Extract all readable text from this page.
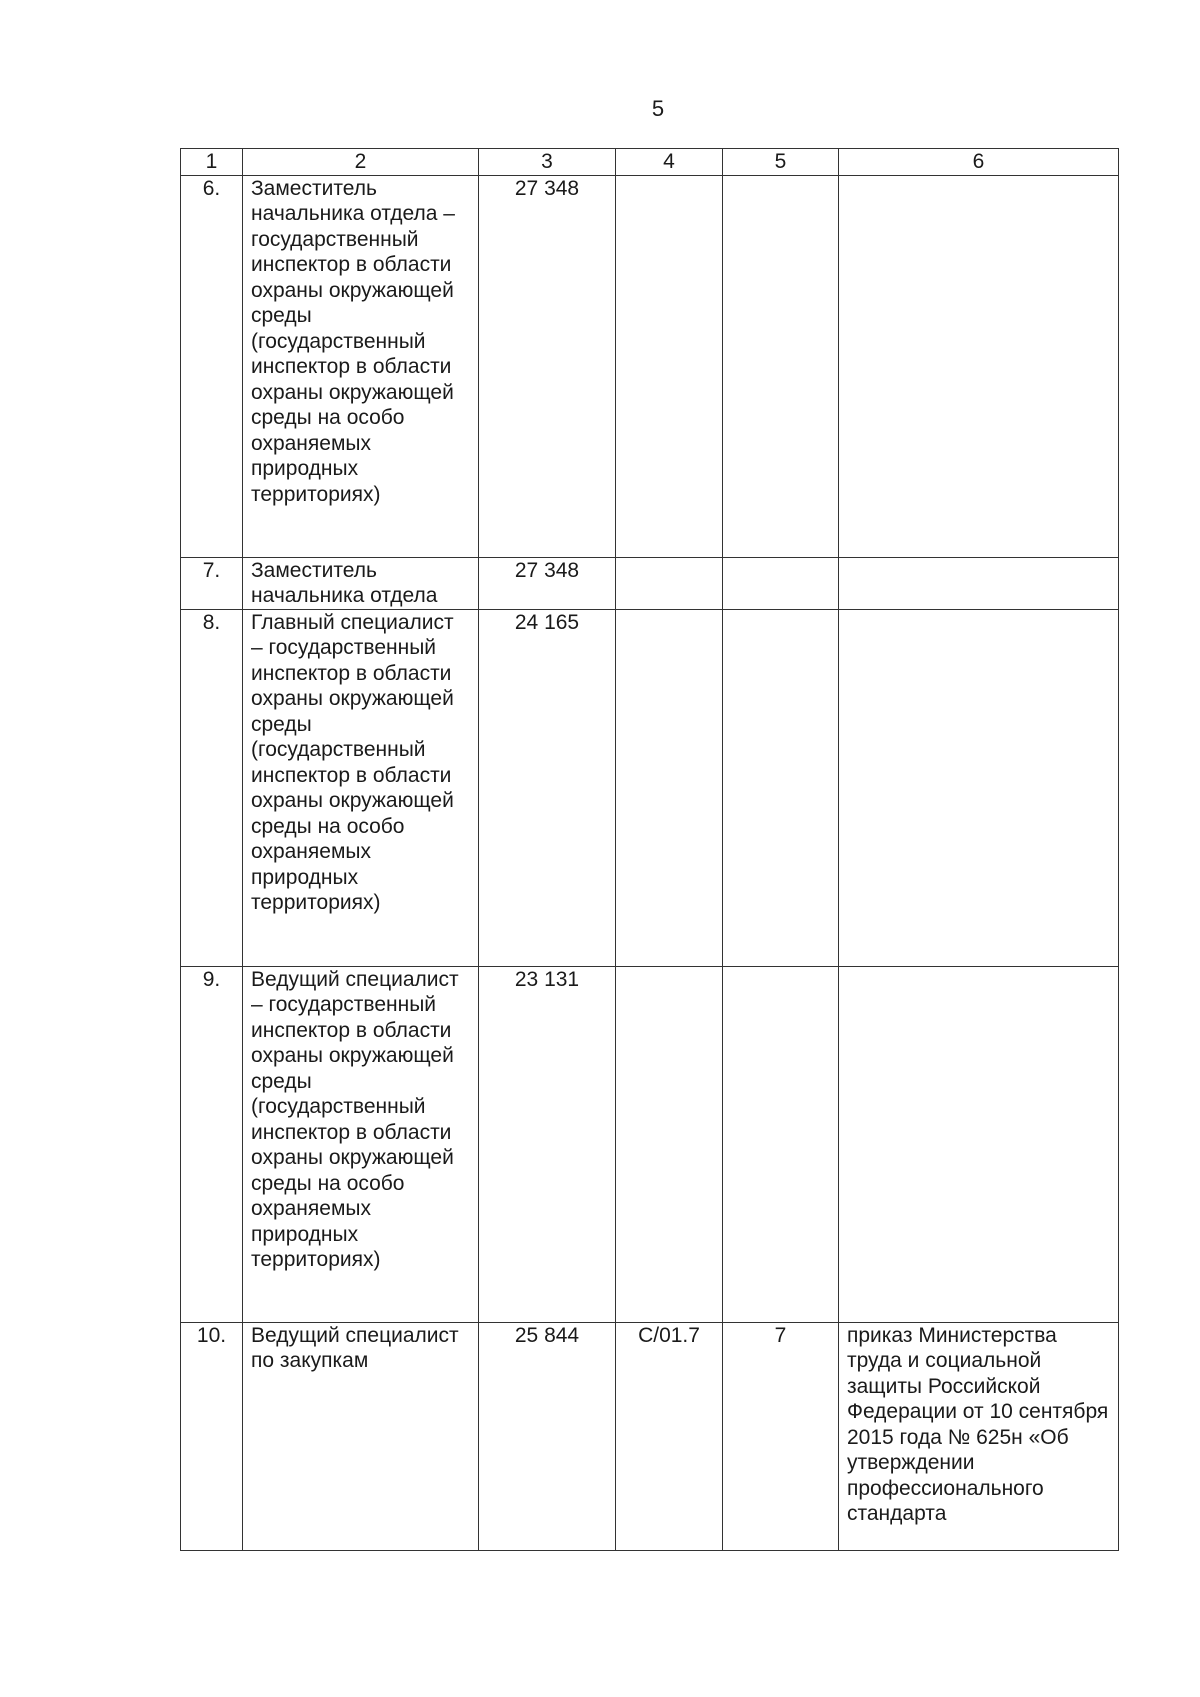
5
1	2	3	4	5	6
6.	Заместитель начальника отдела – государственный инспектор в области охраны окружающей среды (государственный инспектор в области охраны окружающей среды на особо охраняемых природных территориях)	27 348			
7.	Заместитель начальника отдела	27 348			
8.	Главный специалист – государственный инспектор в области охраны окружающей среды (государственный инспектор в области охраны окружающей среды на особо охраняемых природных территориях)	24 165			
9.	Ведущий специалист – государственный инспектор в области охраны окружающей среды (государственный инспектор в области охраны окружающей среды на особо охраняемых природных территориях)	23 131			
10.	Ведущий специалист по закупкам	25 844	С/01.7	7	приказ Министерства труда и социальной защиты Российской Федерации от 10 сентября 2015 года № 625н «Об утверждении профессионального стандарта
